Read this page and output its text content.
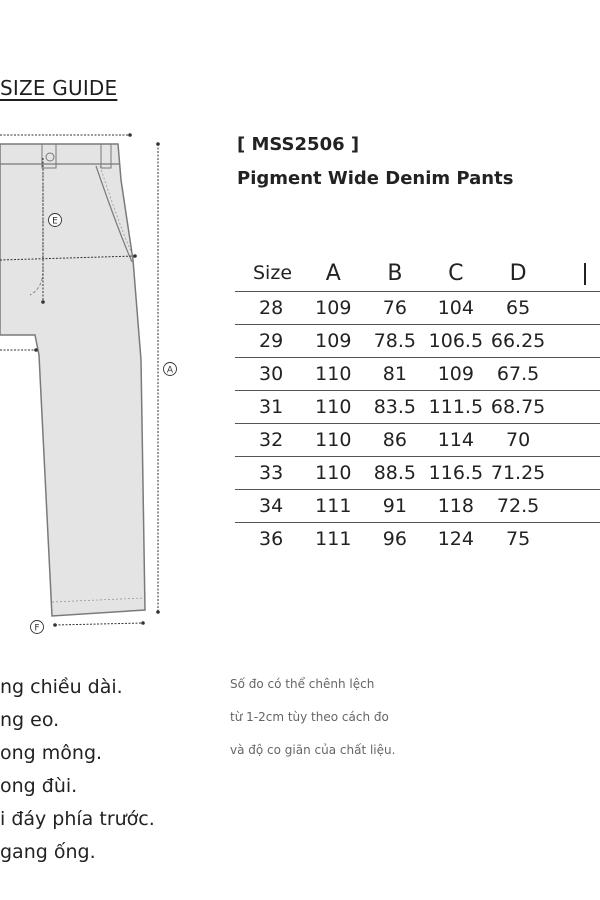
SIZE GUIDE
E
A
F
[ MSS2506 ]
Pigment Wide Denim Pants
Size	A	B	C	D	
28	109	76	104	65	
29	109	78.5	106.5	66.25	
30	110	81	109	67.5	
31	110	83.5	111.5	68.75	
32	110	86	114	70	
33	110	88.5	116.5	71.25	
34	111	91	118	72.5	
36	111	96	124	75	
ng chiều dài.
ng eo.
ong mông.
ong đùi.
i đáy phía trước.
gang ống.
Số đo có thể chênh lệch
từ 1-2cm tùy theo cách đo
và độ co giãn của chất liệu.
